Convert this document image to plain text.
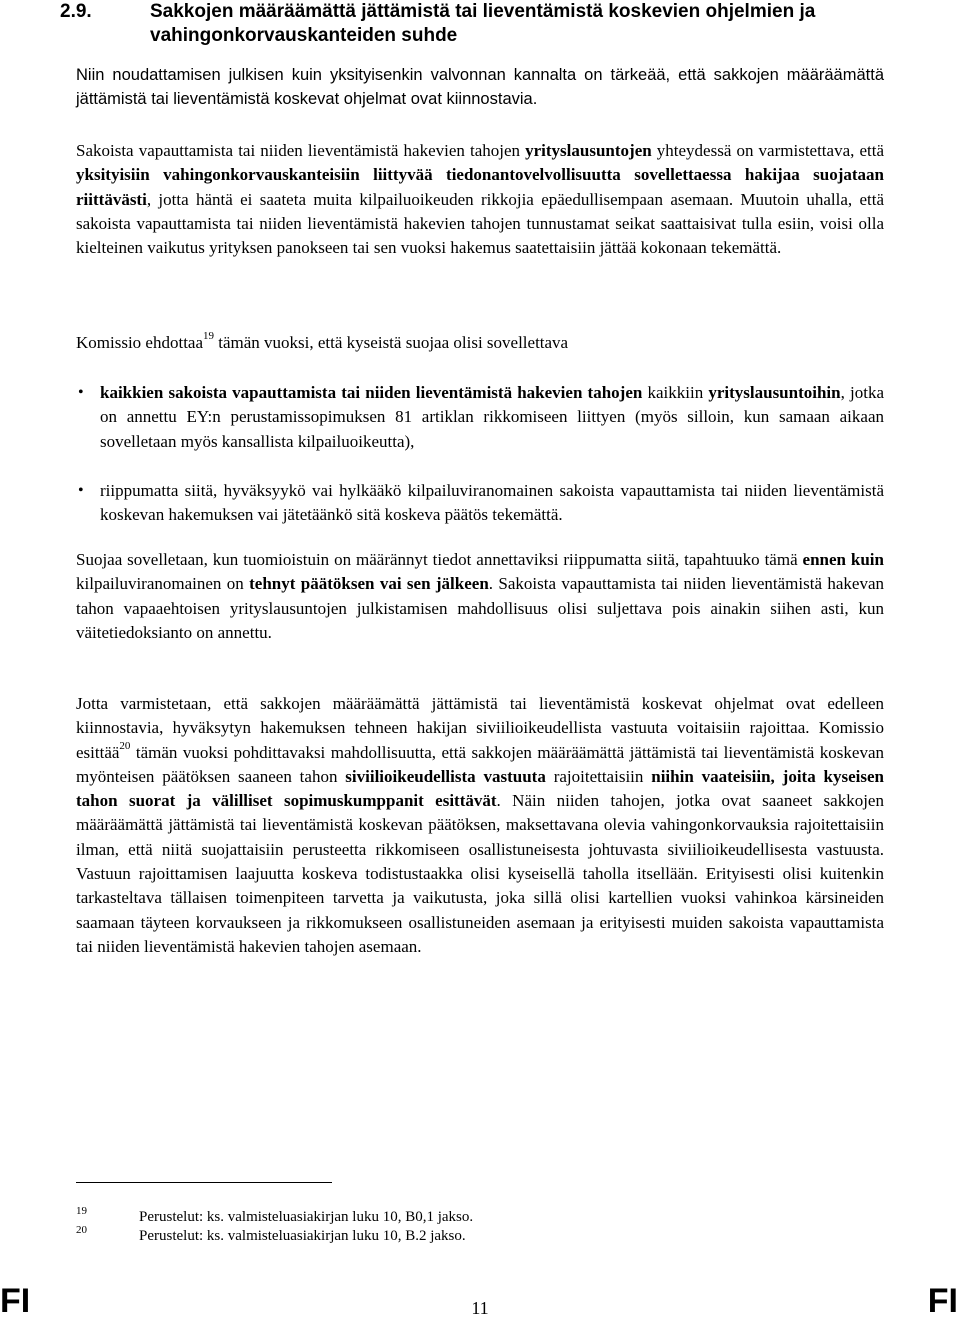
2.9.	Sakkojen määräämättä jättämistä tai lieventämistä koskevien ohjelmien ja vahingonkorvauskanteiden suhde
Niin noudattamisen julkisen kuin yksityisenkin valvonnan kannalta on tärkeää, että sakkojen määräämättä jättämistä tai lieventämistä koskevat ohjelmat ovat kiinnostavia.
Sakoista vapauttamista tai niiden lieventämistä hakevien tahojen yrityslausuntojen yhteydessä on varmistettava, että yksityisiin vahingonkorvauskanteisiin liittyvää tiedonantovelvollisuutta sovellettaessa hakijaa suojataan riittävästi, jotta häntä ei saateta muita kilpailuoikeuden rikkojia epäedullisempaan asemaan. Muutoin uhalla, että sakoista vapauttamista tai niiden lieventämistä hakevien tahojen tunnustamat seikat saattaisivat tulla esiin, voisi olla kielteinen vaikutus yrityksen panokseen tai sen vuoksi hakemus saatettaisiin jättää kokonaan tekemättä.
Komissio ehdottaa$^{19}$ tämän vuoksi, että kyseistä suojaa olisi sovellettava
• kaikkien sakoista vapauttamista tai niiden lieventämistä hakevien tahojen kaikkiin yrityslausuntoihin, jotka on annettu EY:n perustamissopimuksen 81 artiklan rikkomiseen liittyen (myös silloin, kun samaan aikaan sovelletaan myös kansallista kilpailuoikeutta),
• riippumatta siitä, hyväksyykö vai hylkääkö kilpailuviranomainen sakoista vapauttamista tai niiden lieventämistä koskevan hakemuksen vai jätetäänkö sitä koskeva päätös tekemättä.
Suojaa sovelletaan, kun tuomioistuin on määrännyt tiedot annettaviksi riippumatta siitä, tapahtuuko tämä ennen kuin kilpailuviranomainen on tehnyt päätöksen vai sen jälkeen. Sakoista vapauttamista tai niiden lieventämistä hakevan tahon vapaaehtoisen yrityslausuntojen julkistamisen mahdollisuus olisi suljettava pois ainakin siihen asti, kun väitetiedoksianto on annettu.
Jotta varmistetaan, että sakkojen määräämättä jättämistä tai lieventämistä koskevat ohjelmat ovat edelleen kiinnostavia, hyväksytyn hakemuksen tehneen hakijan siviilioikeudellista vastuuta voitaisiin rajoittaa. Komissio esittää$^{20}$ tämän vuoksi pohdittavaksi mahdollisuutta, että sakkojen määräämättä jättämistä tai lieventämistä koskevan myönteisen päätöksen saaneen tahon siviilioikeudellista vastuuta rajoitettaisiin niihin vaateisiin, joita kyseisen tahon suorat ja välilliset sopimuskumppanit esittävät. Näin niiden tahojen, jotka ovat saaneet sakkojen määräämättä jättämistä tai lieventämistä koskevan päätöksen, maksettavana olevia vahingonkorvauksia rajoitettaisiin ilman, että niitä suojattaisiin perusteetta rikkomiseen osallistuneisesta johtuvasta siviilioikeudellisesta vastuusta. Vastuun rajoittamisen laajuutta koskeva todistustaakka olisi kyseisellä taholla itsellään. Erityisesti olisi kuitenkin tarkasteltava tällaisen toimenpiteen tarvetta ja vaikutusta, joka sillä olisi kartellien vuoksi vahinkoa kärsineiden saamaan täyteen korvaukseen ja rikkomukseen osallistuneiden asemaan ja erityisesti muiden sakoista vapauttamista tai niiden lieventämistä hakevien tahojen asemaan.
19	Perustelut: ks. valmisteluasiakirjan luku 10, B0,1 jakso.
20	Perustelut: ks. valmisteluasiakirjan luku 10, B.2 jakso.
FI	11	FI
